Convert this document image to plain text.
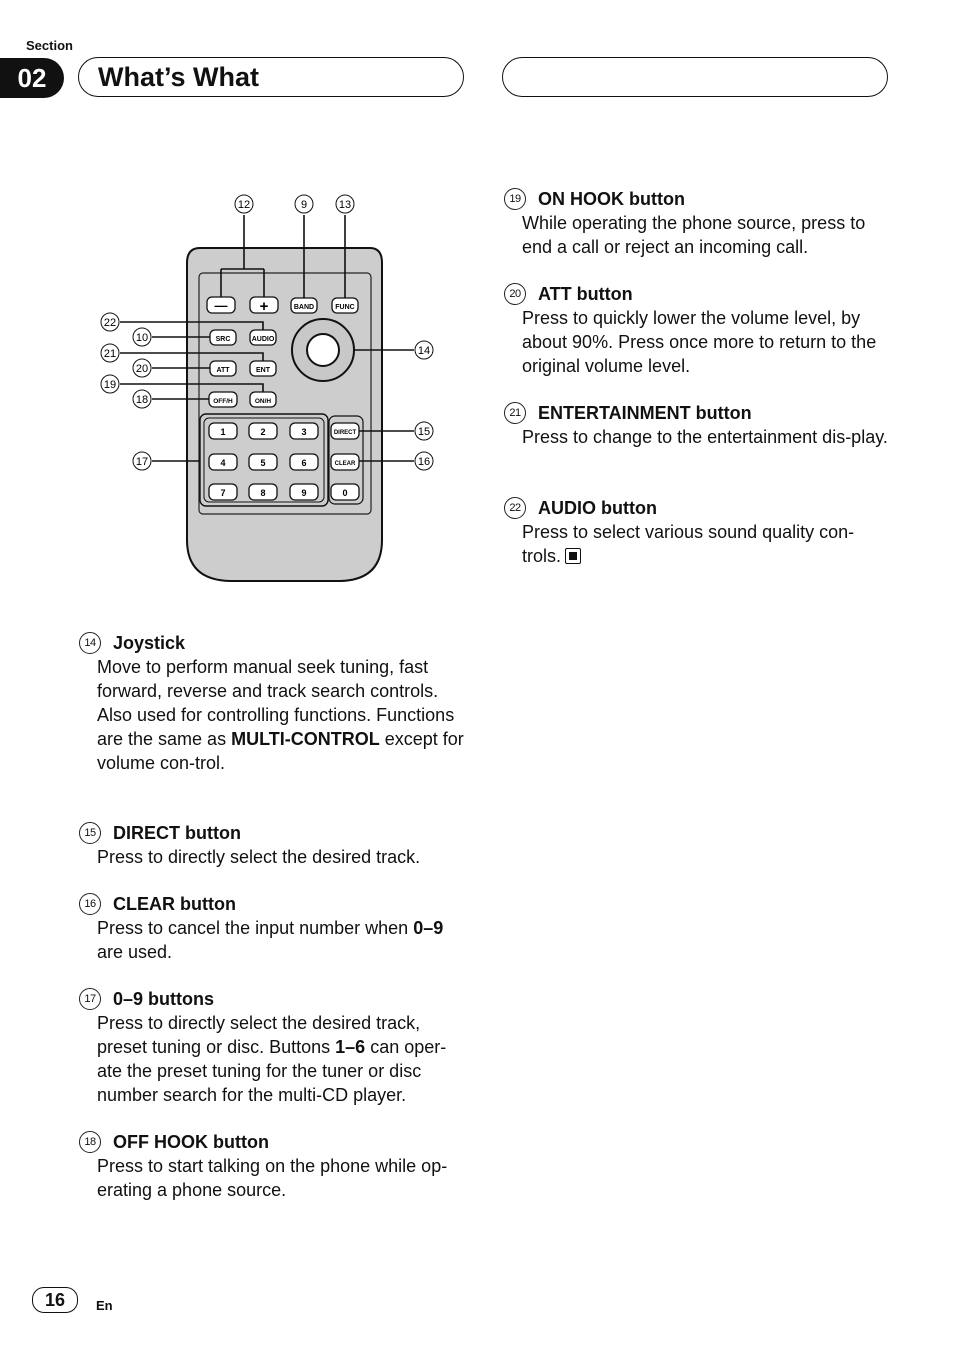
Section
02	What’s What
— +	BAND	FUNC
SRC	AUDIO
ATT	ENT
OFF/H	ON/H
1	2	3
4	5	6
7	8	9	0
DIRECT
CLEAR
12	9	13
22
10
21
20
19
18
17
14
15
16
14 Joystick
Move to perform manual seek tuning, fast forward, reverse and track search controls. Also used for controlling functions. Functions are the same as MULTI-CONTROL except for volume con-trol.
15 DIRECT button
Press to directly select the desired track.
16 CLEAR button
Press to cancel the input number when 0–9 are used.
17 0–9 buttons
Press to directly select the desired track, preset tuning or disc. Buttons 1–6 can oper-ate the preset tuning for the tuner or disc number search for the multi-CD player.
18 OFF HOOK button
Press to start talking on the phone while op-erating a phone source.
19 ON HOOK button
While operating the phone source, press to end a call or reject an incoming call.
20 ATT button
Press to quickly lower the volume level, by about 90%. Press once more to return to the original volume level.
21 ENTERTAINMENT button
Press to change to the entertainment dis-play.
22 AUDIO button
Press to select various sound quality con-trols.
16	En
